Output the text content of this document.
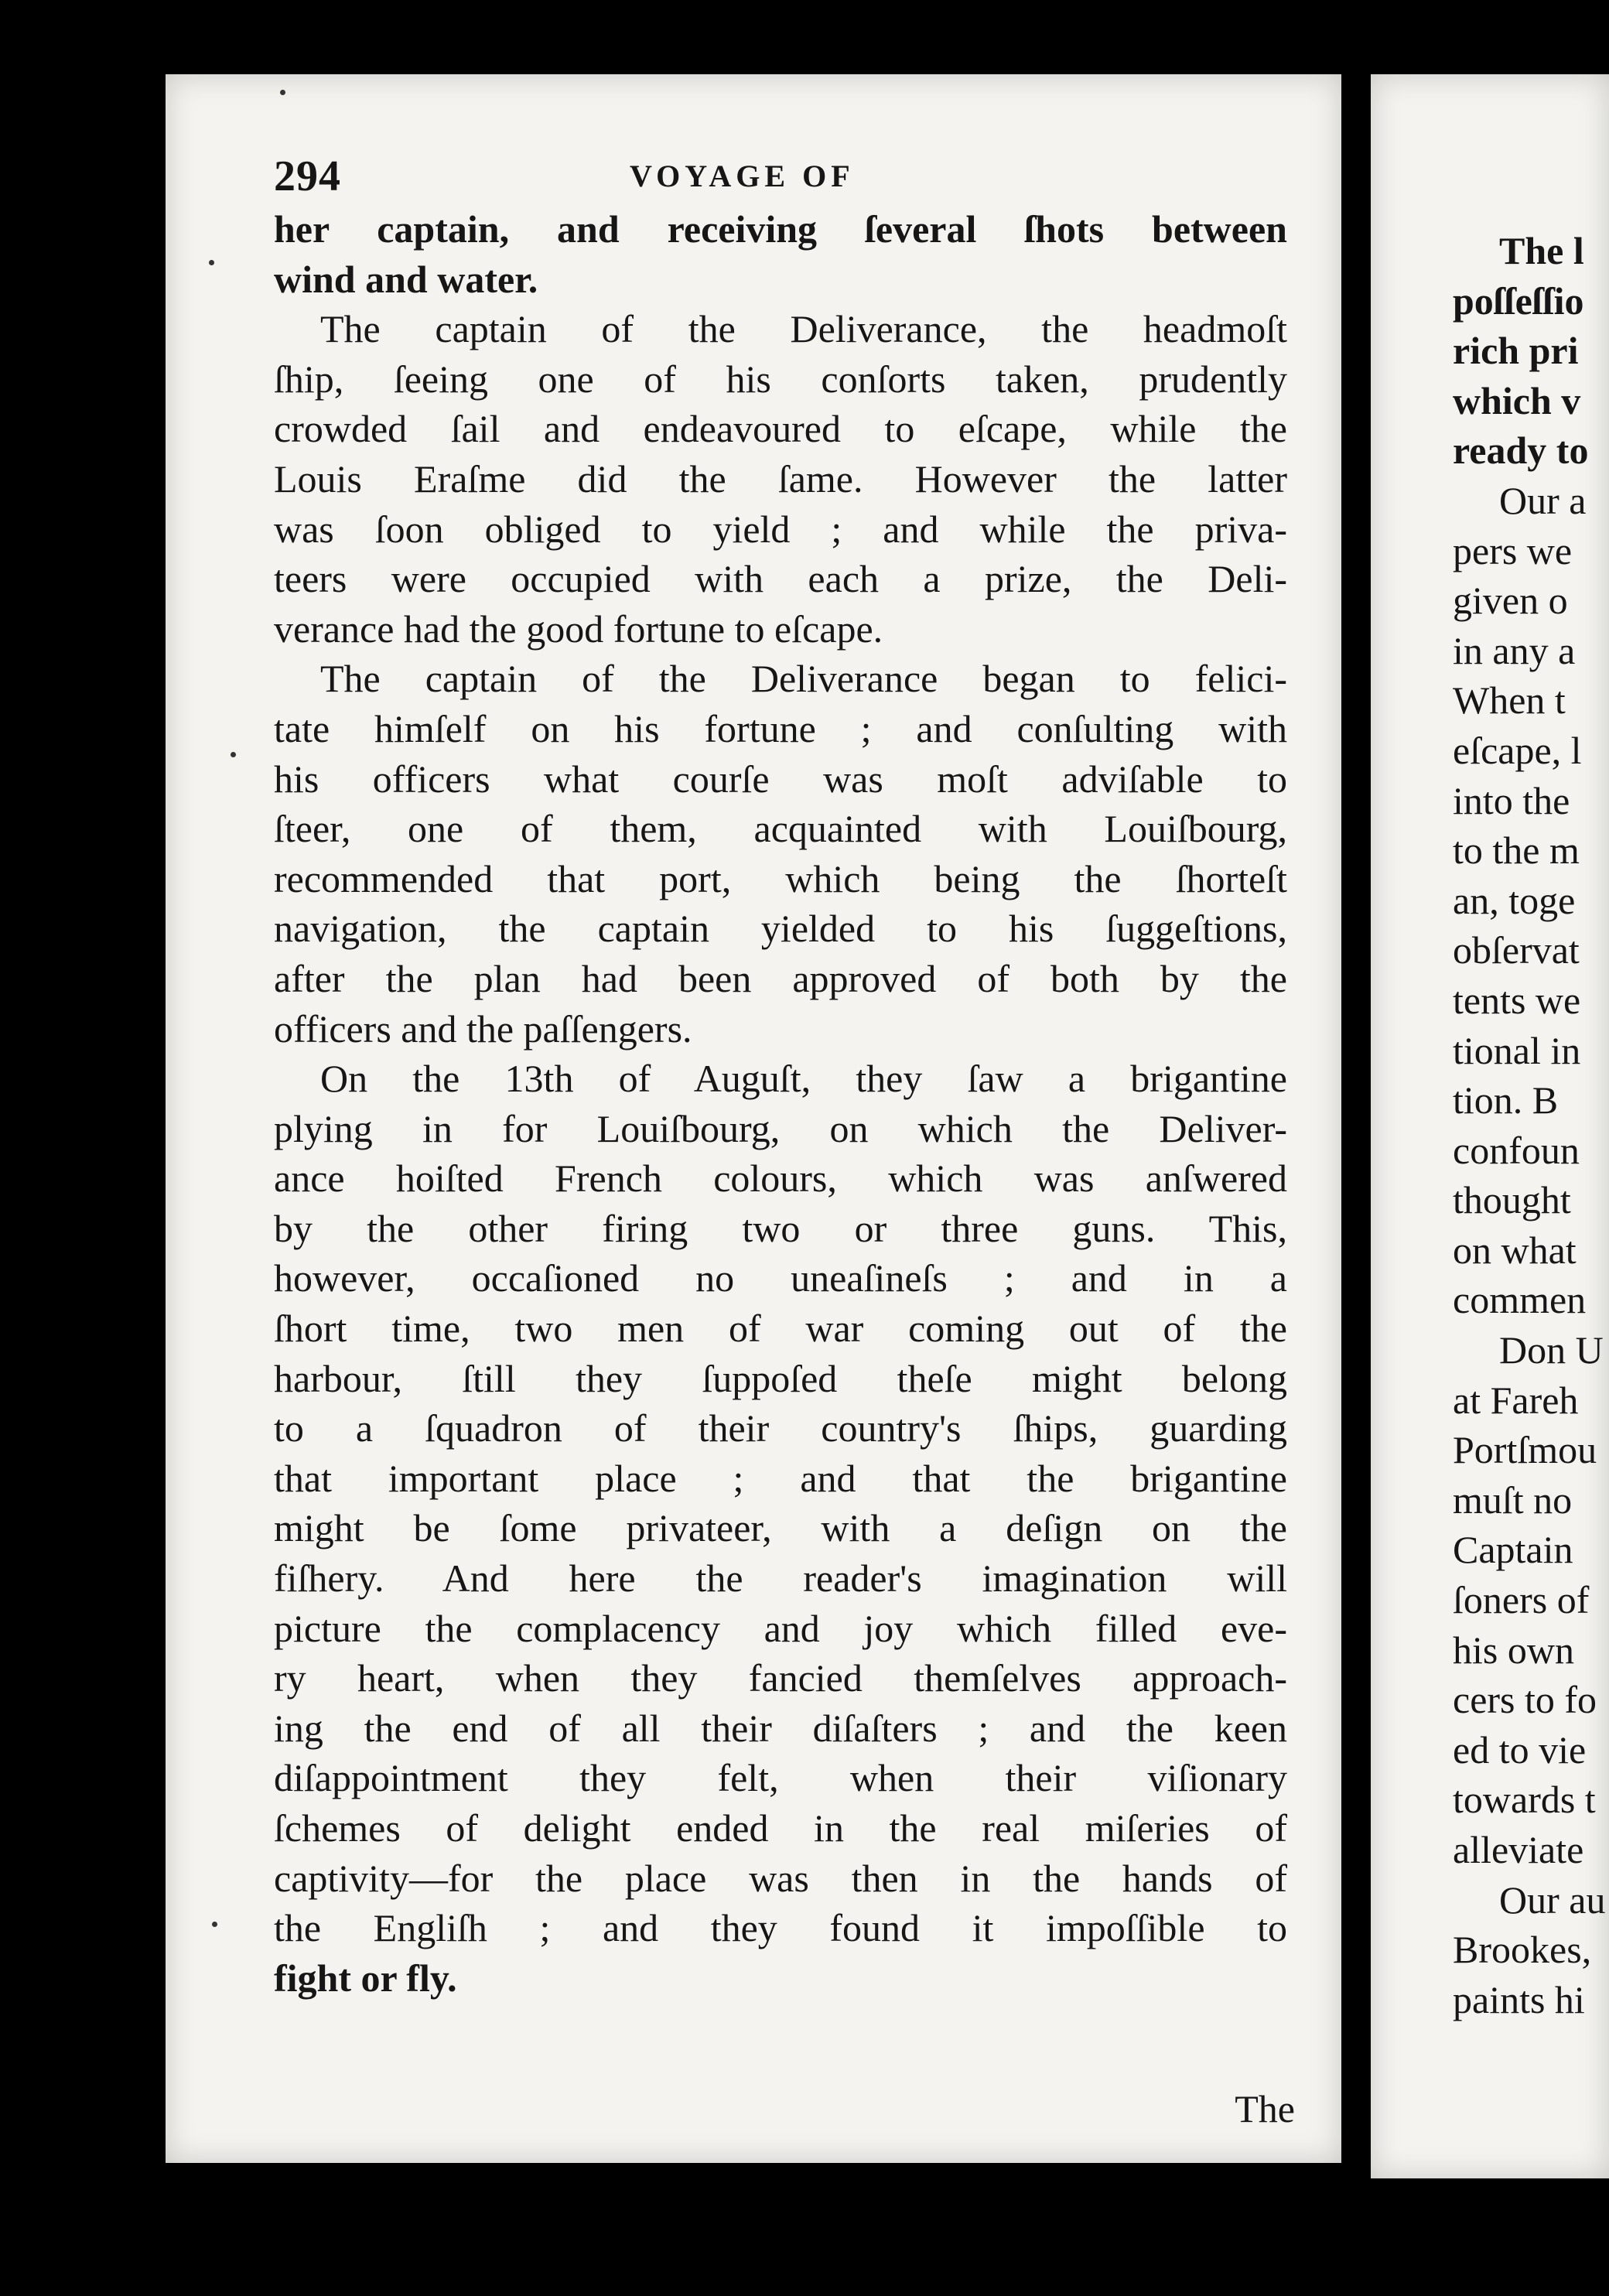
294	VOYAGE OF
her captain, and receiving ſeveral ſhots between
wind and water.
The captain of the Deliverance, the headmoſt
ſhip, ſeeing one of his conſorts taken, prudently
crowded ſail and endeavoured to eſcape, while the
Louis Eraſme did the ſame. However the latter
was ſoon obliged to yield ; and while the priva-
teers were occupied with each a prize, the Deli-
verance had the good fortune to eſcape.
The captain of the Deliverance began to felici-
tate himſelf on his fortune ; and conſulting with
his officers what courſe was moſt adviſable to
ſteer, one of them, acquainted with Louiſbourg,
recommended that port, which being the ſhorteſt
navigation, the captain yielded to his ſuggeſtions,
after the plan had been approved of both by the
officers and the paſſengers.
On the 13th of Auguſt, they ſaw a brigantine
plying in for Louiſbourg, on which the Deliver-
ance hoiſted French colours, which was anſwered
by the other firing two or three guns. This,
however, occaſioned no uneaſineſs ; and in a
ſhort time, two men of war coming out of the
harbour, ſtill they ſuppoſed theſe might belong
to a ſquadron of their country's ſhips, guarding
that important place ; and that the brigantine
might be ſome privateer, with a deſign on the
fiſhery. And here the reader's imagination will
picture the complacency and joy which filled eve-
ry heart, when they fancied themſelves approach-
ing the end of all their diſaſters ; and the keen
diſappointment they felt, when their viſionary
ſchemes of delight ended in the real miſeries of
captivity—for the place was then in the hands of
the Engliſh ; and they found it impoſſible to
fight or fly.
The
The l
poſſeſſio
rich pri
which v
ready to
Our a
pers we
given o
in any a
When t
eſcape, l
into the
to the m
an, toge
obſervat
tents we
tional in
tion. B
confoun
thought
on what
commen
Don U
at Fareh
Portſmou
muſt no
Captain
ſoners of
his own
cers to fo
ed to vie
towards t
alleviate
Our au
Brookes,
paints hi
